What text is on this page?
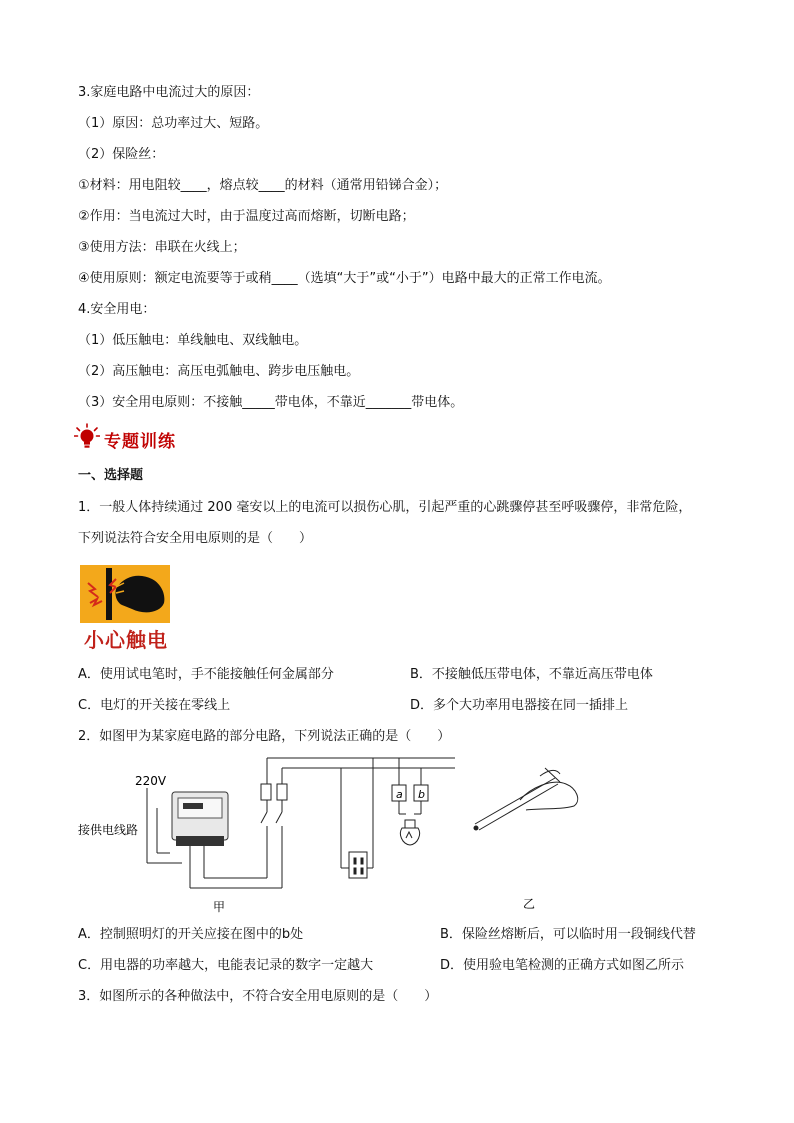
3.家庭电路中电流过大的原因：
（1）原因：总功率过大、短路。
（2）保险丝：
①材料：用电阻较____，熔点较____的材料（通常用铅锑合金）；
②作用：当电流过大时，由于温度过高而熔断，切断电路；
③使用方法：串联在火线上；
④使用原则：额定电流要等于或稍____（选填“大于”或“小于”）电路中最大的正常工作电流。
4.安全用电：
（1）低压触电：单线触电、双线触电。
（2）高压触电：高压电弧触电、跨步电压触电。
（3）安全用电原则：不接触_____带电体，不靠近_______带电体。
专题训练
一、选择题
1．一般人体持续通过 200 毫安以上的电流可以损伤心肌，引起严重的心跳骤停甚至呼吸骤停，非常危险，
下列说法符合安全用电原则的是（　　）
小心触电
A．使用试电笔时，手不能接触任何金属部分	B．不接触低压带电体，不靠近高压带电体
C．电灯的开关接在零线上	D．多个大功率用电器接在同一插排上
2．如图甲为某家庭电路的部分电路，下列说法正确的是（　　）
220V
接供电线路
a b
甲	乙
A．控制照明灯的开关应接在图中的b处	B．保险丝熔断后，可以临时用一段铜线代替
C．用电器的功率越大，电能表记录的数字一定越大	D．使用验电笔检测的正确方式如图乙所示
3．如图所示的各种做法中，不符合安全用电原则的是（　　）
